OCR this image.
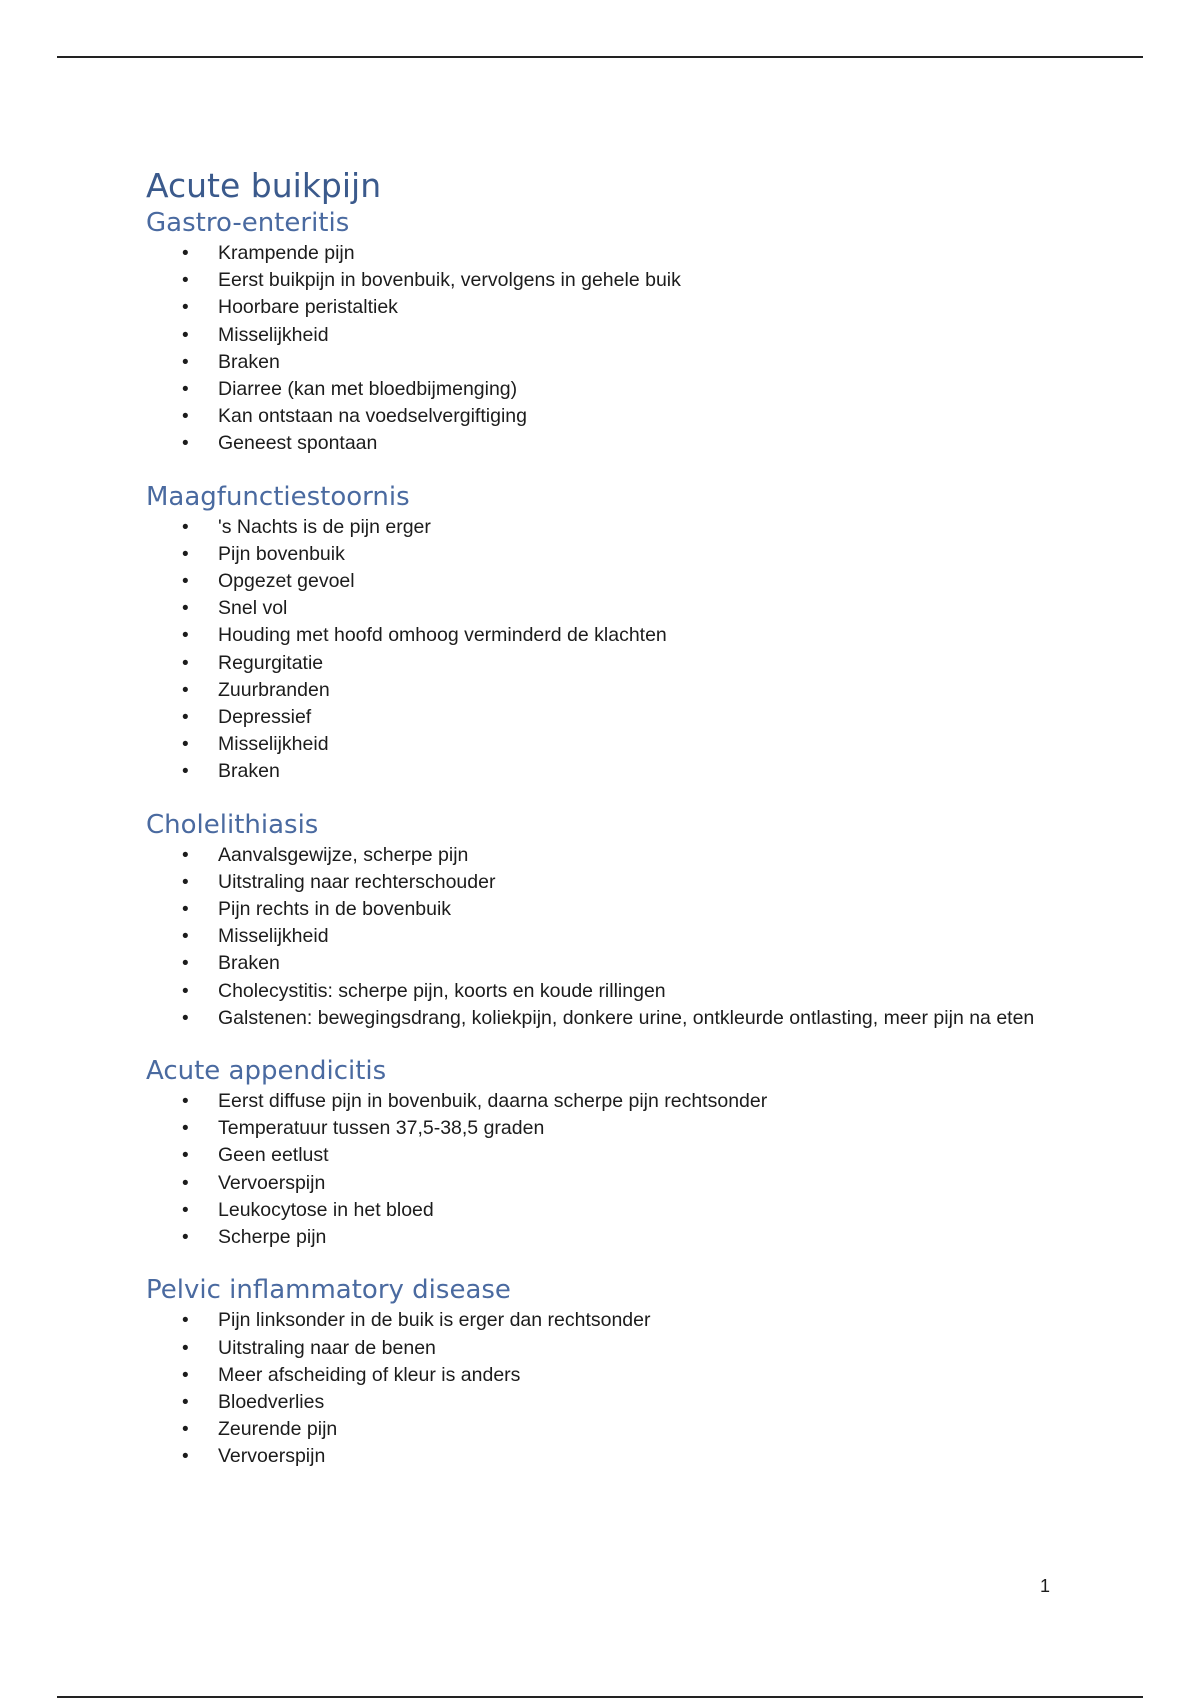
Acute buikpijn
Gastro-enteritis
•	Krampende pijn
•	Eerst buikpijn in bovenbuik, vervolgens in gehele buik
•	Hoorbare peristaltiek
•	Misselijkheid
•	Braken
•	Diarree (kan met bloedbijmenging)
•	Kan ontstaan na voedselvergiftiging
•	Geneest spontaan
Maagfunctiestoornis
•	's Nachts is de pijn erger
•	Pijn bovenbuik
•	Opgezet gevoel
•	Snel vol
•	Houding met hoofd omhoog verminderd de klachten
•	Regurgitatie
•	Zuurbranden
•	Depressief
•	Misselijkheid
•	Braken
Cholelithiasis
•	Aanvalsgewijze, scherpe pijn
•	Uitstraling naar rechterschouder
•	Pijn rechts in de bovenbuik
•	Misselijkheid
•	Braken
•	Cholecystitis: scherpe pijn, koorts en koude rillingen
•	Galstenen: bewegingsdrang, koliekpijn, donkere urine, ontkleurde ontlasting, meer pijn na eten
Acute appendicitis
•	Eerst diffuse pijn in bovenbuik, daarna scherpe pijn rechtsonder
•	Temperatuur tussen 37,5-38,5 graden
•	Geen eetlust
•	Vervoerspijn
•	Leukocytose in het bloed
•	Scherpe pijn
Pelvic inflammatory disease
•	Pijn linksonder in de buik is erger dan rechtsonder
•	Uitstraling naar de benen
•	Meer afscheiding of kleur is anders
•	Bloedverlies
•	Zeurende pijn
•	Vervoerspijn
1
